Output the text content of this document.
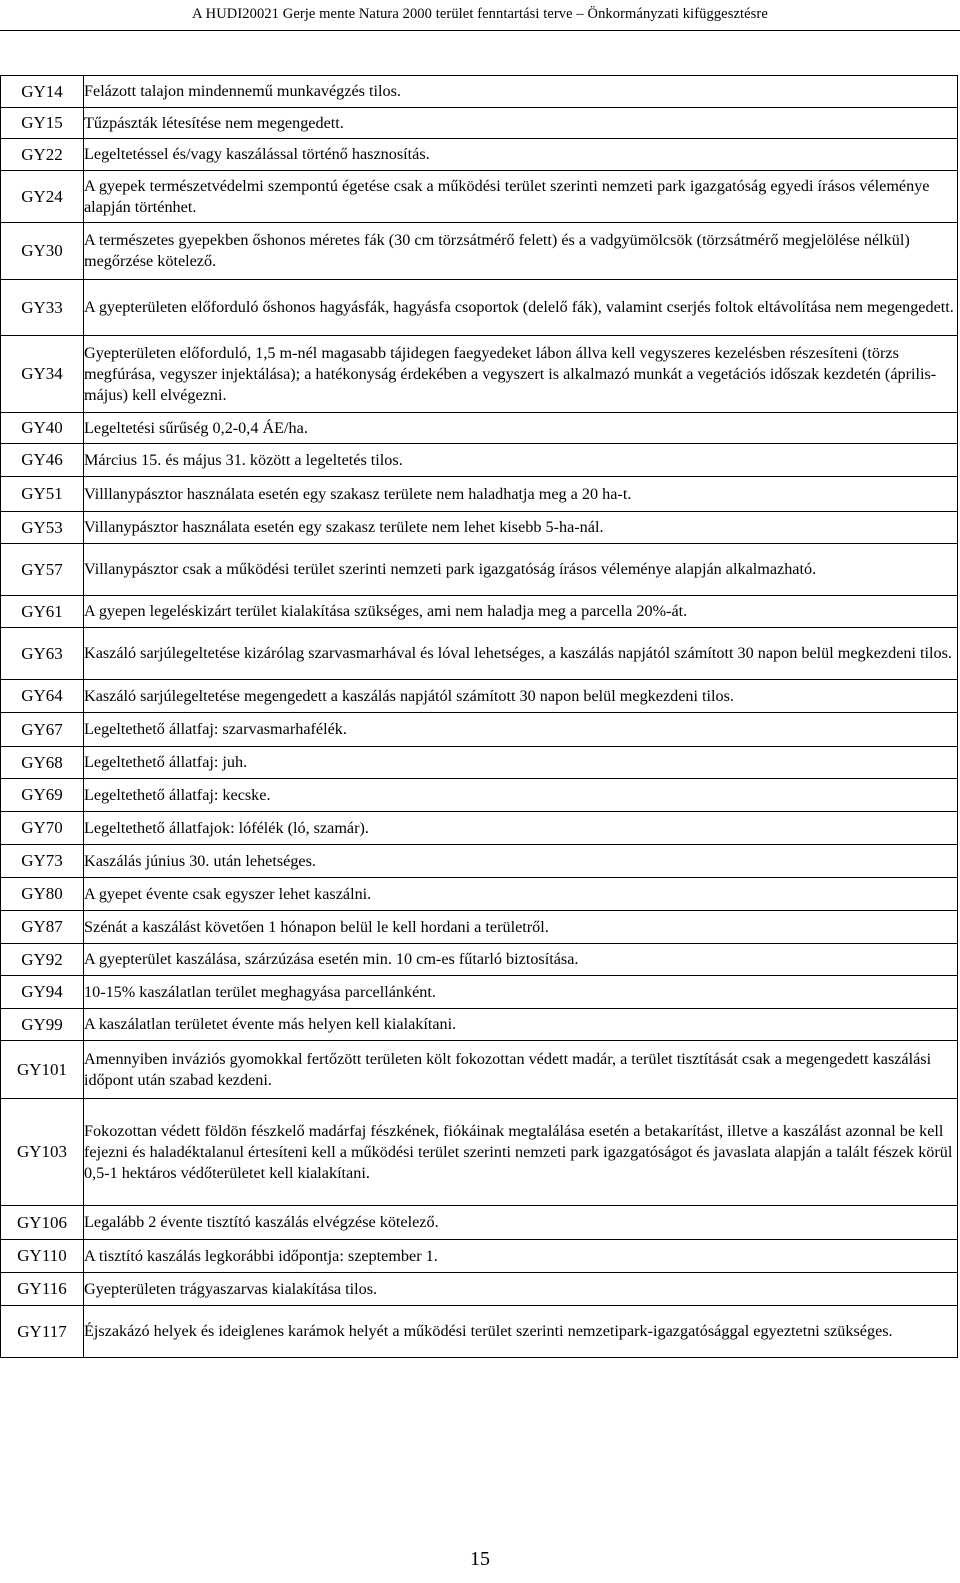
A HUDI20021 Gerje mente Natura 2000 terület fenntartási terve – Önkormányzati kifüggesztésre
GY14	Felázott talajon mindennemű munkavégzés tilos.
GY15	Tűzpászták létesítése nem megengedett.
GY22	Legeltetéssel és/vagy kaszálással történő hasznosítás.
GY24	A gyepek természetvédelmi szempontú égetése csak a működési terület szerinti nemzeti park igazgatóság egyedi írásos véleménye alapján történhet.
GY30	A természetes gyepekben őshonos méretes fák (30 cm törzsátmérő felett) és a vadgyümölcsök (törzsátmérő megjelölése nélkül) megőrzése kötelező.
GY33	A gyepterületen előforduló őshonos hagyásfák, hagyásfa csoportok (delelő fák), valamint cserjés foltok eltávolítása nem megengedett.
GY34	Gyepterületen előforduló, 1,5 m-nél magasabb tájidegen faegyedeket lábon állva kell vegyszeres kezelésben részesíteni (törzs megfúrása, vegyszer injektálása); a hatékonyság érdekében a vegyszert is alkalmazó munkát a vegetációs időszak kezdetén (április-május) kell elvégezni.
GY40	Legeltetési sűrűség 0,2-0,4 ÁE/ha.
GY46	Március 15. és május 31. között a legeltetés tilos.
GY51	Villlanypásztor használata esetén egy szakasz területe nem haladhatja meg a 20 ha-t.
GY53	Villanypásztor használata esetén egy szakasz területe nem lehet kisebb 5-ha-nál.
GY57	Villanypásztor csak a működési terület szerinti nemzeti park igazgatóság írásos véleménye alapján alkalmazható.
GY61	A gyepen legeléskizárt terület kialakítása szükséges, ami nem haladja meg a parcella 20%-át.
GY63	Kaszáló sarjúlegeltetése kizárólag szarvasmarhával és lóval lehetséges, a kaszálás napjától számított 30 napon belül megkezdeni tilos.
GY64	Kaszáló sarjúlegeltetése megengedett a kaszálás napjától számított 30 napon belül megkezdeni tilos.
GY67	Legeltethető állatfaj: szarvasmarhafélék.
GY68	Legeltethető állatfaj: juh.
GY69	Legeltethető állatfaj: kecske.
GY70	Legeltethető állatfajok: lófélék (ló, szamár).
GY73	Kaszálás június 30. után lehetséges.
GY80	A gyepet évente csak egyszer lehet kaszálni.
GY87	Szénát a kaszálást követően 1 hónapon belül le kell hordani a területről.
GY92	A gyepterület kaszálása, szárzúzása esetén min. 10 cm-es fűtarló biztosítása.
GY94	10-15% kaszálatlan terület meghagyása parcellánként.
GY99	A kaszálatlan területet évente más helyen kell kialakítani.
GY101	Amennyiben inváziós gyomokkal fertőzött területen költ fokozottan védett madár, a terület tisztítását csak a megengedett kaszálási időpont után szabad kezdeni.
GY103	Fokozottan védett földön fészkelő madárfaj fészkének, fiókáinak megtalálása esetén a betakarítást, illetve a kaszálást azonnal be kell fejezni és haladéktalanul értesíteni kell a működési terület szerinti nemzeti park igazgatóságot és javaslata alapján a talált fészek körül 0,5-1 hektáros védőterületet kell kialakítani.
GY106	Legalább 2 évente tisztító kaszálás elvégzése kötelező.
GY110	A tisztító kaszálás legkorábbi időpontja: szeptember 1.
GY116	Gyepterületen trágyaszarvas kialakítása tilos.
GY117	Éjszakázó helyek és ideiglenes karámok helyét a működési terület szerinti nemzetipark-igazgatósággal egyeztetni szükséges.
15
